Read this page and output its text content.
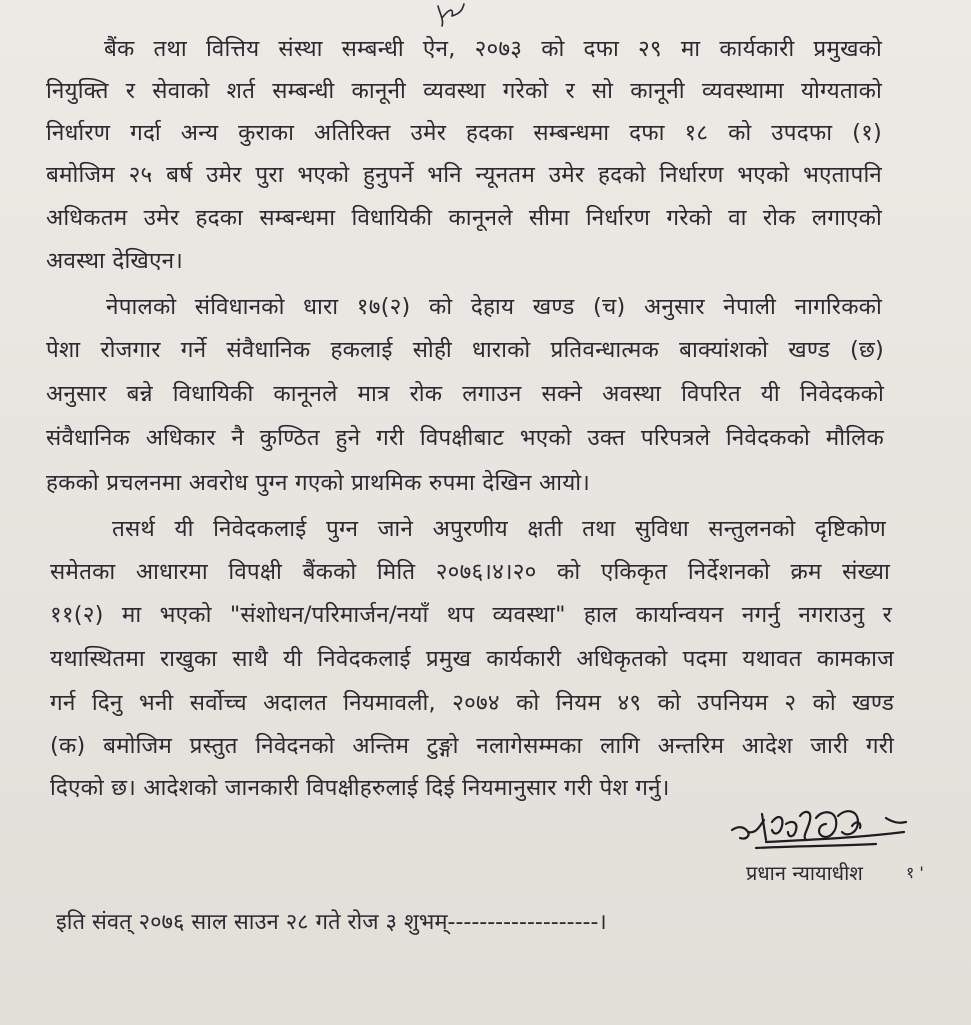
बैंक तथा वित्तिय संस्था सम्बन्धी ऐन, २०७३ को दफा २९ मा कार्यकारी प्रमुखको
नियुक्ति र सेवाको शर्त सम्बन्धी कानूनी व्यवस्था गरेको र सो कानूनी व्यवस्थामा योग्यताको
निर्धारण गर्दा अन्य कुराका अतिरिक्त उमेर हदका सम्बन्धमा दफा १८ को उपदफा (१)
बमोजिम २५ बर्ष उमेर पुरा भएको हुनुपर्ने भनि न्यूनतम उमेर हदको निर्धारण भएको भएतापनि
अधिकतम उमेर हदका सम्बन्धमा विधायिकी कानूनले सीमा निर्धारण गरेको वा रोक लगाएको
अवस्था देखिएन।
नेपालको संविधानको धारा १७(२) को देहाय खण्ड (च) अनुसार नेपाली नागरिकको
पेशा रोजगार गर्ने संवैधानिक हकलाई सोही धाराको प्रतिवन्धात्मक बाक्यांशको खण्ड (छ)
अनुसार बन्ने विधायिकी कानूनले मात्र रोक लगाउन सक्ने अवस्था विपरित यी निवेदकको
संवैधानिक अधिकार नै कुण्ठित हुने गरी विपक्षीबाट भएको उक्त परिपत्रले निवेदकको मौलिक
हकको प्रचलनमा अवरोध पुग्न गएको प्राथमिक रुपमा देखिन आयो।
तसर्थ यी निवेदकलाई पुग्न जाने अपुरणीय क्षती तथा सुविधा सन्तुलनको दृष्टिकोण
समेतका आधारमा विपक्षी बैंकको मिति २०७६।४।२० को एकिकृत निर्देशनको क्रम संख्या
११(२) मा भएको "संशोधन/परिमार्जन/नयाँ थप व्यवस्था" हाल कार्यान्वयन नगर्नु नगराउनु र
यथास्थितमा राखुका साथै यी निवेदकलाई प्रमुख कार्यकारी अधिकृतको पदमा यथावत कामकाज
गर्न दिनु भनी सर्वोच्च अदालत नियमावली, २०७४ को नियम ४९ को उपनियम २ को खण्ड
(क) बमोजिम प्रस्तुत निवेदनको अन्तिम टुङ्गो नलागेसम्मका लागि अन्तरिम आदेश जारी गरी
दिएको छ। आदेशको जानकारी विपक्षीहरुलाई दिई नियमानुसार गरी पेश गर्नु।
प्रधान न्यायाधीश	१ '
इति संवत् २०७६ साल साउन २८ गते रोज ३ शुभम्-------------------।
